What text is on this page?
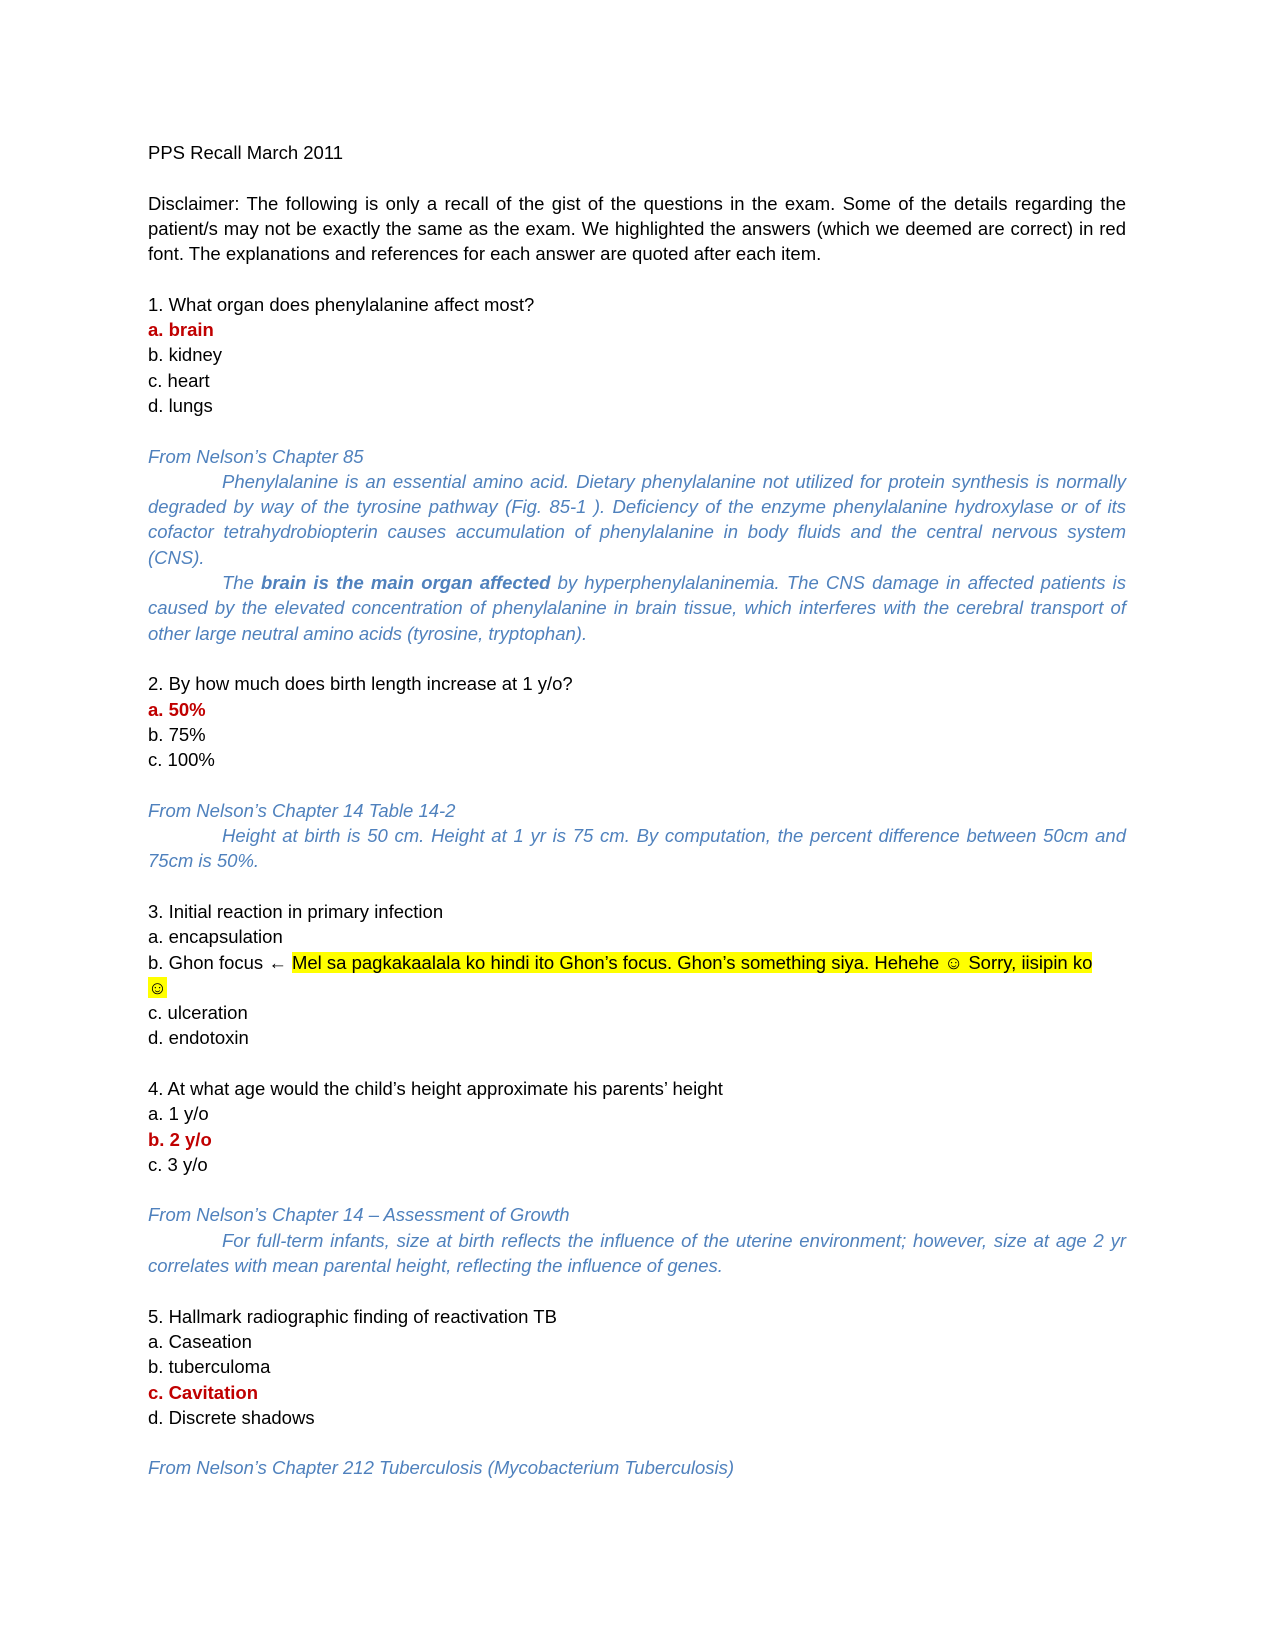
PPS Recall March 2011
Disclaimer: The following is only a recall of the gist of the questions in the exam. Some of the details regarding the patient/s may not be exactly the same as the exam. We highlighted the answers (which we deemed are correct) in red font. The explanations and references for each answer are quoted after each item.
1. What organ does phenylalanine affect most?
a. brain
b. kidney
c. heart
d. lungs
From Nelson’s Chapter 85
Phenylalanine is an essential amino acid. Dietary phenylalanine not utilized for protein synthesis is normally degraded by way of the tyrosine pathway (Fig. 85-1 ). Deficiency of the enzyme phenylalanine hydroxylase or of its cofactor tetrahydrobiopterin causes accumulation of phenylalanine in body fluids and the central nervous system (CNS).
The brain is the main organ affected by hyperphenylalaninemia. The CNS damage in affected patients is caused by the elevated concentration of phenylalanine in brain tissue, which interferes with the cerebral transport of other large neutral amino acids (tyrosine, tryptophan).
2. By how much does birth length increase at 1 y/o?
a. 50%
b. 75%
c. 100%
From Nelson’s Chapter 14 Table 14-2
Height at birth is 50 cm. Height at 1 yr is 75 cm. By computation, the percent difference between 50cm and 75cm is 50%.
3. Initial reaction in primary infection
a. encapsulation
b. Ghon focus ← Mel sa pagkakaalala ko hindi ito Ghon’s focus. Ghon’s something siya. Hehehe ☺ Sorry, iisipin ko
☺
c. ulceration
d. endotoxin
4. At what age would the child’s height approximate his parents’ height
a. 1 y/o
b. 2 y/o
c. 3 y/o
From Nelson’s Chapter 14 – Assessment of Growth
For full-term infants, size at birth reflects the influence of the uterine environment; however, size at age 2 yr correlates with mean parental height, reflecting the influence of genes.
5. Hallmark radiographic finding of reactivation TB
a. Caseation
b. tuberculoma
c. Cavitation
d. Discrete shadows
From Nelson’s Chapter 212 Tuberculosis (Mycobacterium Tuberculosis)
